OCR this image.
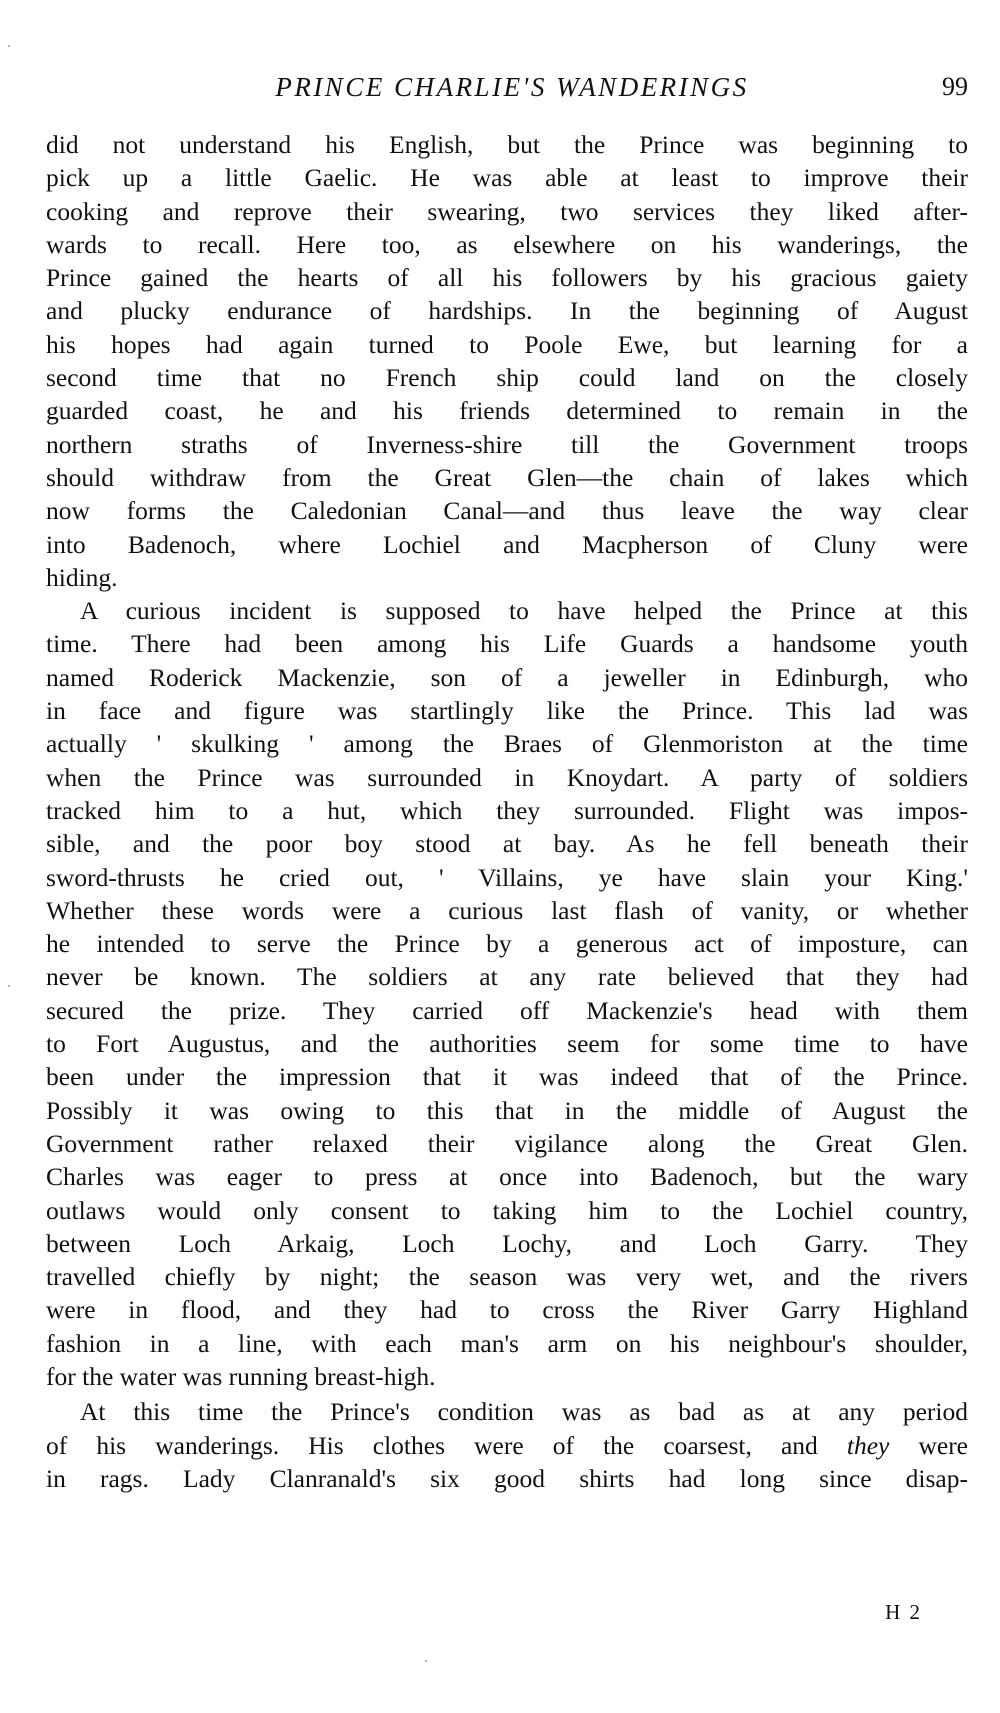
PRINCE CHARLIE'S WANDERINGS	99
did not understand his English, but the Prince was beginning to
pick up a little Gaelic. He was able at least to improve their
cooking and reprove their swearing, two services they liked after-
wards to recall. Here too, as elsewhere on his wanderings, the
Prince gained the hearts of all his followers by his gracious gaiety
and plucky endurance of hardships. In the beginning of August
his hopes had again turned to Poole Ewe, but learning for a
second time that no French ship could land on the closely
guarded coast, he and his friends determined to remain in the
northern straths of Inverness-shire till the Government troops
should withdraw from the Great Glen—the chain of lakes which
now forms the Caledonian Canal—and thus leave the way clear
into Badenoch, where Lochiel and Macpherson of Cluny were
hiding.
A curious incident is supposed to have helped the Prince at this
time. There had been among his Life Guards a handsome youth
named Roderick Mackenzie, son of a jeweller in Edinburgh, who
in face and figure was startlingly like the Prince. This lad was
actually ' skulking ' among the Braes of Glenmoriston at the time
when the Prince was surrounded in Knoydart. A party of soldiers
tracked him to a hut, which they surrounded. Flight was impos-
sible, and the poor boy stood at bay. As he fell beneath their
sword-thrusts he cried out, ' Villains, ye have slain your King.'
Whether these words were a curious last flash of vanity, or whether
he intended to serve the Prince by a generous act of imposture, can
never be known. The soldiers at any rate believed that they had
secured the prize. They carried off Mackenzie's head with them
to Fort Augustus, and the authorities seem for some time to have
been under the impression that it was indeed that of the Prince.
Possibly it was owing to this that in the middle of August the
Government rather relaxed their vigilance along the Great Glen.
Charles was eager to press at once into Badenoch, but the wary
outlaws would only consent to taking him to the Lochiel country,
between Loch Arkaig, Loch Lochy, and Loch Garry. They
travelled chiefly by night; the season was very wet, and the rivers
were in flood, and they had to cross the River Garry Highland
fashion in a line, with each man's arm on his neighbour's shoulder,
for the water was running breast-high.
At this time the Prince's condition was as bad as at any period
of his wanderings. His clothes were of the coarsest, and they were
in rags. Lady Clanranald's six good shirts had long since disap-
H 2
